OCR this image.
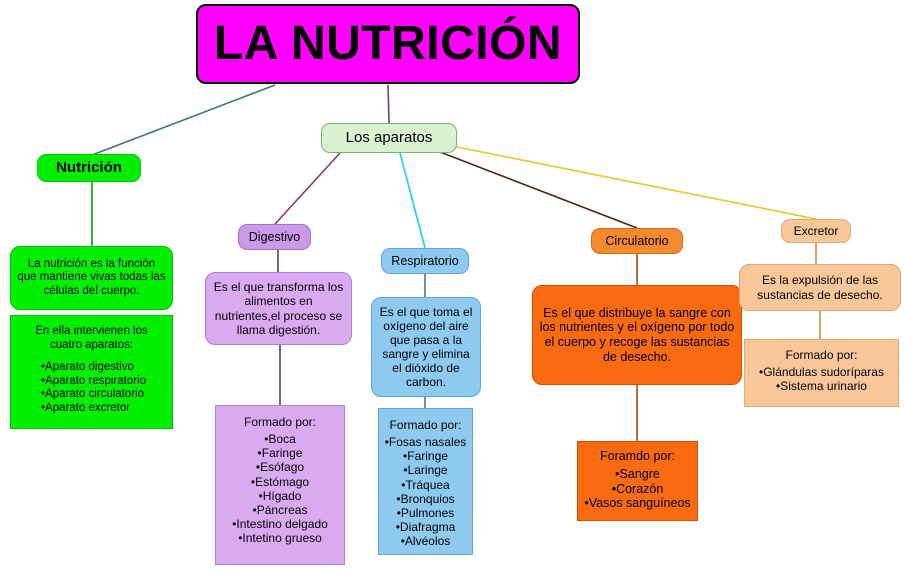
LA NUTRICIÓN
Los aparatos
Nutrición
La nutrición es la función que mantiene vivas todas las células del cuerpo.
En ella intervienen los cuatro aparatos:
•Aparato digestivo
•Aparato respiratorio
•Aparato circulatorio
•Aparato excretor
Digestivo
Es el que transforma los alimentos en nutrientes,el proceso se llama digestión.
Formado por:
•Boca
•Faringe
•Esófago
•Estómago
•Hígado
•Páncreas
•Intestino delgado
•Intetino grueso
Respiratorio
Es el que toma el oxígeno del aire que pasa a la sangre y elimina el dióxido de carbon.
Formado por:
•Fosas nasales
•Faringe
•Laringe
•Tráquea
•Bronquios
•Pulmones
•Diafragma
•Alvéolos
Circulatorio
Es el que distribuye la sangre con los nutrientes y el oxígeno por todo el cuerpo y recoge las sustancias de desecho.
Foramdo por:
•Sangre
•Corazón
•Vasos sanguíneos
Excretor
Es la expulsión de las sustancias de desecho.
Formado por:
•Glándulas sudoríparas
•Sistema urinario
